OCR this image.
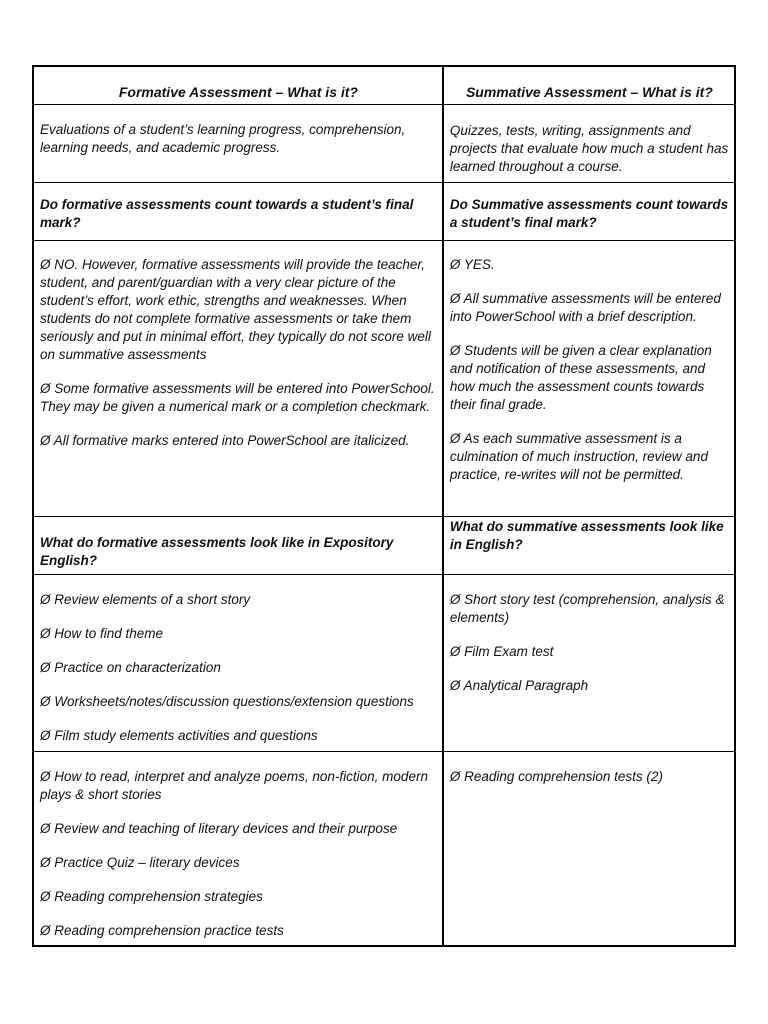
Formative Assessment – What is it?	Summative Assessment – What is it?
Evaluations of a student’s learning progress, comprehension, learning needs, and academic progress.
Quizzes, tests, writing, assignments and projects that evaluate how much a student has learned throughout a course.
Do formative assessments count towards a student’s final mark?
Do Summative assessments count towards a student’s final mark?

Ø NO. However, formative assessments will provide the teacher, student, and parent/guardian with a very clear picture of the student’s effort, work ethic, strengths and weaknesses. When students do not complete formative assessments or take them seriously and put in minimal effort, they typically do not score well on summative assessments

Ø Some formative assessments will be entered into PowerSchool. They may be given a numerical mark or a completion checkmark.

Ø All formative marks entered into PowerSchool are italicized.

Ø YES.

Ø All summative assessments will be entered into PowerSchool with a brief description.

Ø Students will be given a clear explanation and notification of these assessments, and how much the assessment counts towards their final grade.

Ø As each summative assessment is a culmination of much instruction, review and practice, re-writes will not be permitted.

What do formative assessments look like in Expository English?
What do summative assessments look like in English?

Ø Review elements of a short story

Ø How to find theme

Ø Practice on characterization

Ø Worksheets/notes/discussion questions/extension questions

Ø Film study elements activities and questions

Ø Short story test (comprehension, analysis & elements)

Ø Film Exam test

Ø Analytical Paragraph

Ø How to read, interpret and analyze poems, non-fiction, modern plays & short stories

Ø Review and teaching of literary devices and their purpose

Ø Practice Quiz – literary devices

Ø Reading comprehension strategies

Ø Reading comprehension practice tests

Ø Reading comprehension tests (2)
